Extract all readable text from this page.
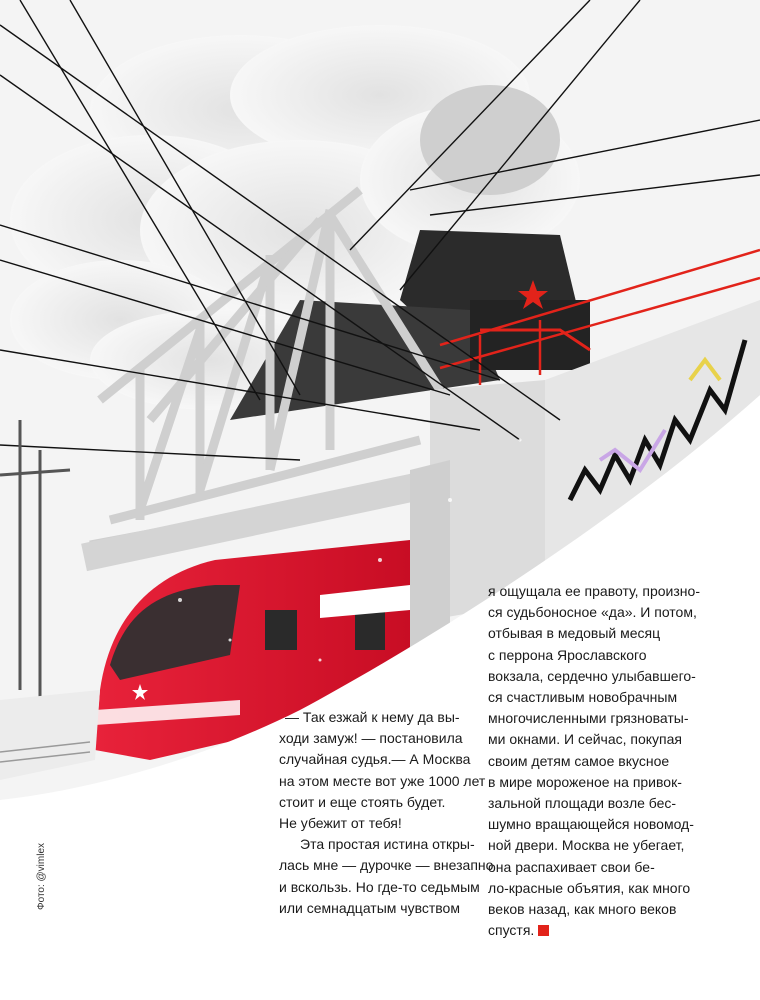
— Так езжай к нему да вы-

ходи замуж! — постановила

случайная судья.— А Москва

на этом месте вот уже 1000 лет

стоит и еще стоять будет.

Не убежит от тебя!

Эта простая истина откры-

лась мне — дурочке — внезапно

и вскользь. Но где-то седьмым

или семнадцатым чувством

я ощущала ее правоту, произно-

ся судьбоносное «да». И потом,

отбывая в медовый месяц

с перрона Ярославского

вокзала, сердечно улыбавшего-

ся счастливым новобрачным

многочисленными грязноваты-

ми окнами. И сейчас, покупая

своим детям самое вкусное

в мире мороженое на привок-

зальной площади возле бес-

шумно вращающейся новомод-

ной двери. Москва не убегает,

она распахивает свои бе-

ло-красные объятия, как много

веков назад, как много веков

спустя.

Фото: @vimlex
